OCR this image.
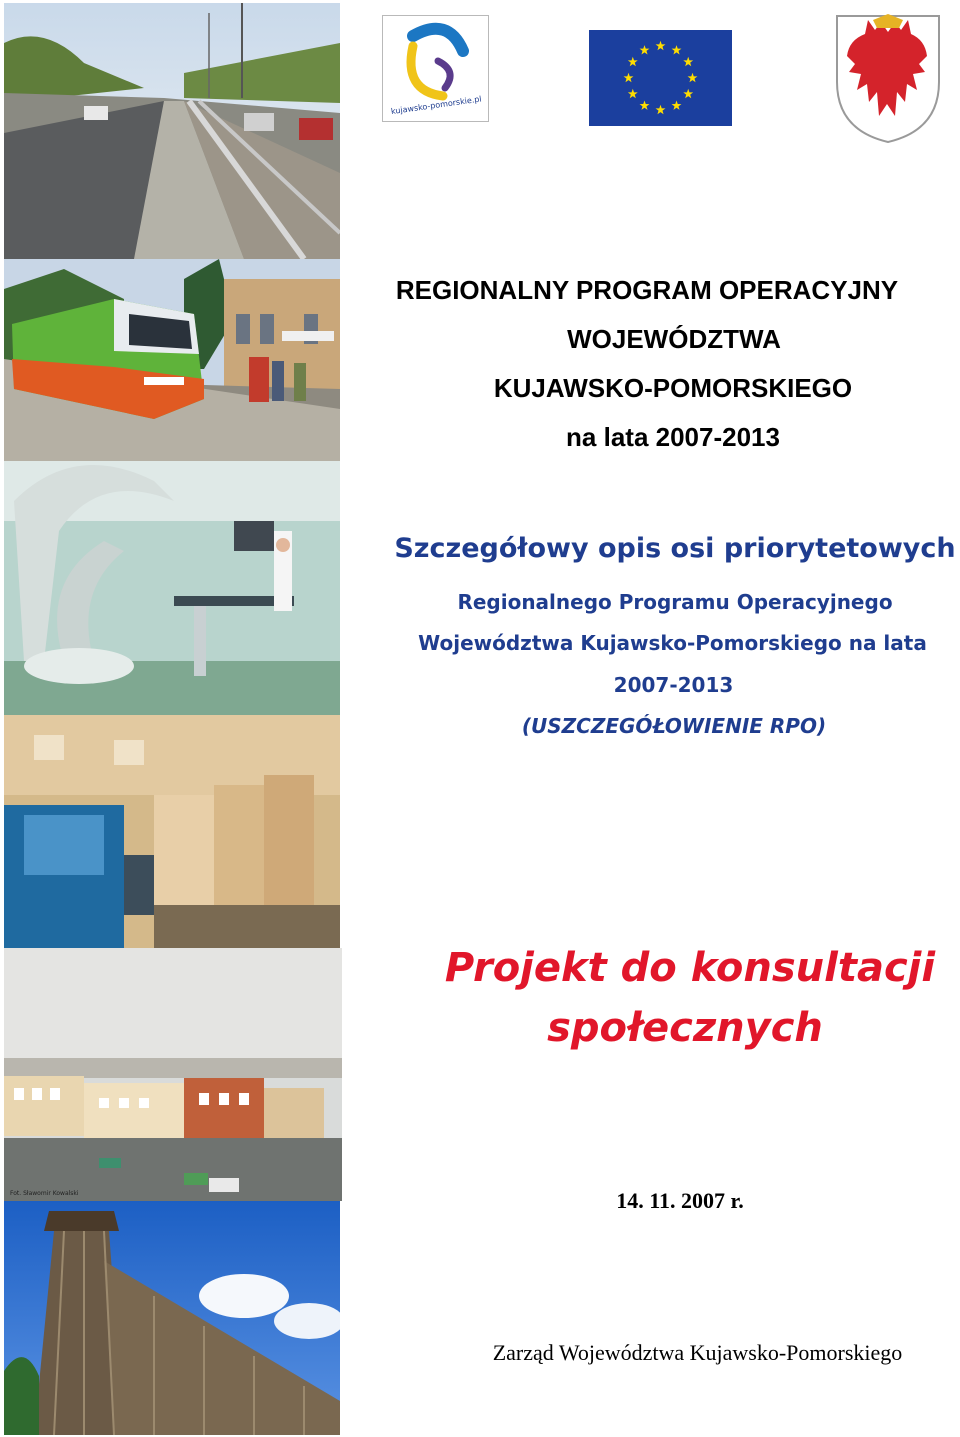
Fot. Sławomir Kowalski
kujawsko-pomorskie.pl
REGIONALNY PROGRAM OPERACYJNY
WOJEWÓDZTWA
KUJAWSKO-POMORSKIEGO
na lata 2007-2013
Szczegółowy opis osi priorytetowych

Regionalnego Programu Operacyjnego

Województwa Kujawsko-Pomorskiego na lata

2007-2013

(USZCZEGÓŁOWIENIE RPO)

Projekt do konsultacji

społecznych

14. 11. 2007 r.

Zarząd Województwa Kujawsko-Pomorskiego
